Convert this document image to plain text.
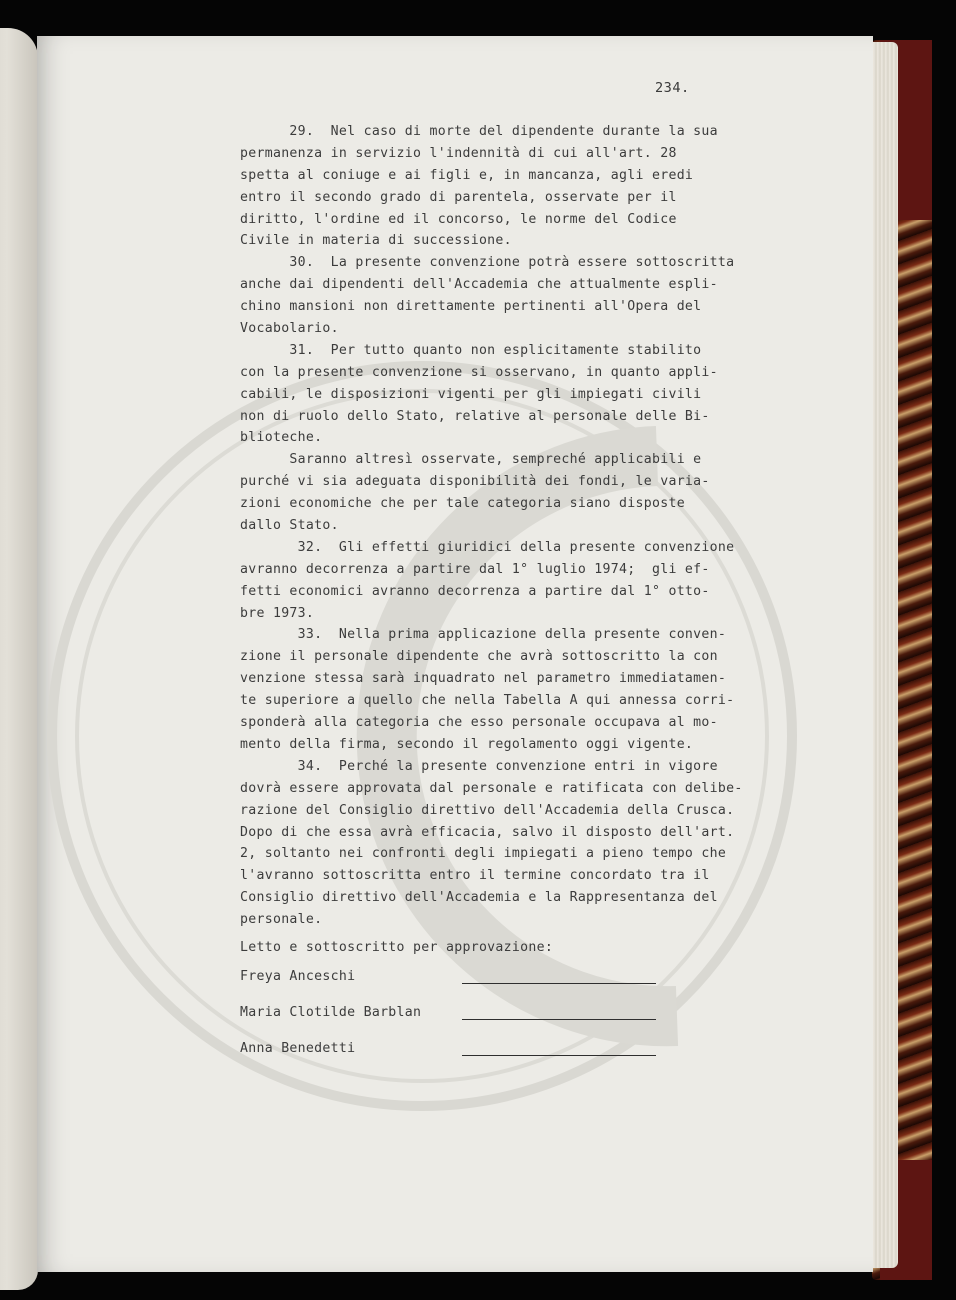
234.
29.  Nel caso di morte del dipendente durante la sua
permanenza in servizio l'indennità di cui all'art. 28
spetta al coniuge e ai figli e, in mancanza, agli eredi
entro il secondo grado di parentela, osservate per il
diritto, l'ordine ed il concorso, le norme del Codice
Civile in materia di successione.
30.  La presente convenzione potrà essere sottoscritta
anche dai dipendenti dell'Accademia che attualmente espli-
chino mansioni non direttamente pertinenti all'Opera del
Vocabolario.
31.  Per tutto quanto non esplicitamente stabilito
con la presente convenzione si osservano, in quanto appli-
cabili, le disposizioni vigenti per gli impiegati civili
non di ruolo dello Stato, relative al personale delle Bi-
blioteche.
Saranno altresì osservate, sempreché applicabili e
purché vi sia adeguata disponibilità dei fondi, le varia-
zioni economiche che per tale categoria siano disposte
dallo Stato.
32.  Gli effetti giuridici della presente convenzione
avranno decorrenza a partire dal 1° luglio 1974;  gli ef-
fetti economici avranno decorrenza a partire dal 1° otto-
bre 1973.
33.  Nella prima applicazione della presente conven-
zione il personale dipendente che avrà sottoscritto la con
venzione stessa sarà inquadrato nel parametro immediatamen-
te superiore a quello che nella Tabella A qui annessa corri-
sponderà alla categoria che esso personale occupava al mo-
mento della firma, secondo il regolamento oggi vigente.
34.  Perché la presente convenzione entri in vigore
dovrà essere approvata dal personale e ratificata con delibe-
razione del Consiglio direttivo dell'Accademia della Crusca.
Dopo di che essa avrà efficacia, salvo il disposto dell'art.
2, soltanto nei confronti degli impiegati a pieno tempo che
l'avranno sottoscritta entro il termine concordato tra il
Consiglio direttivo dell'Accademia e la Rappresentanza del
personale.
Letto e sottoscritto per approvazione:
Freya Anceschi
Maria Clotilde Barblan
Anna Benedetti
